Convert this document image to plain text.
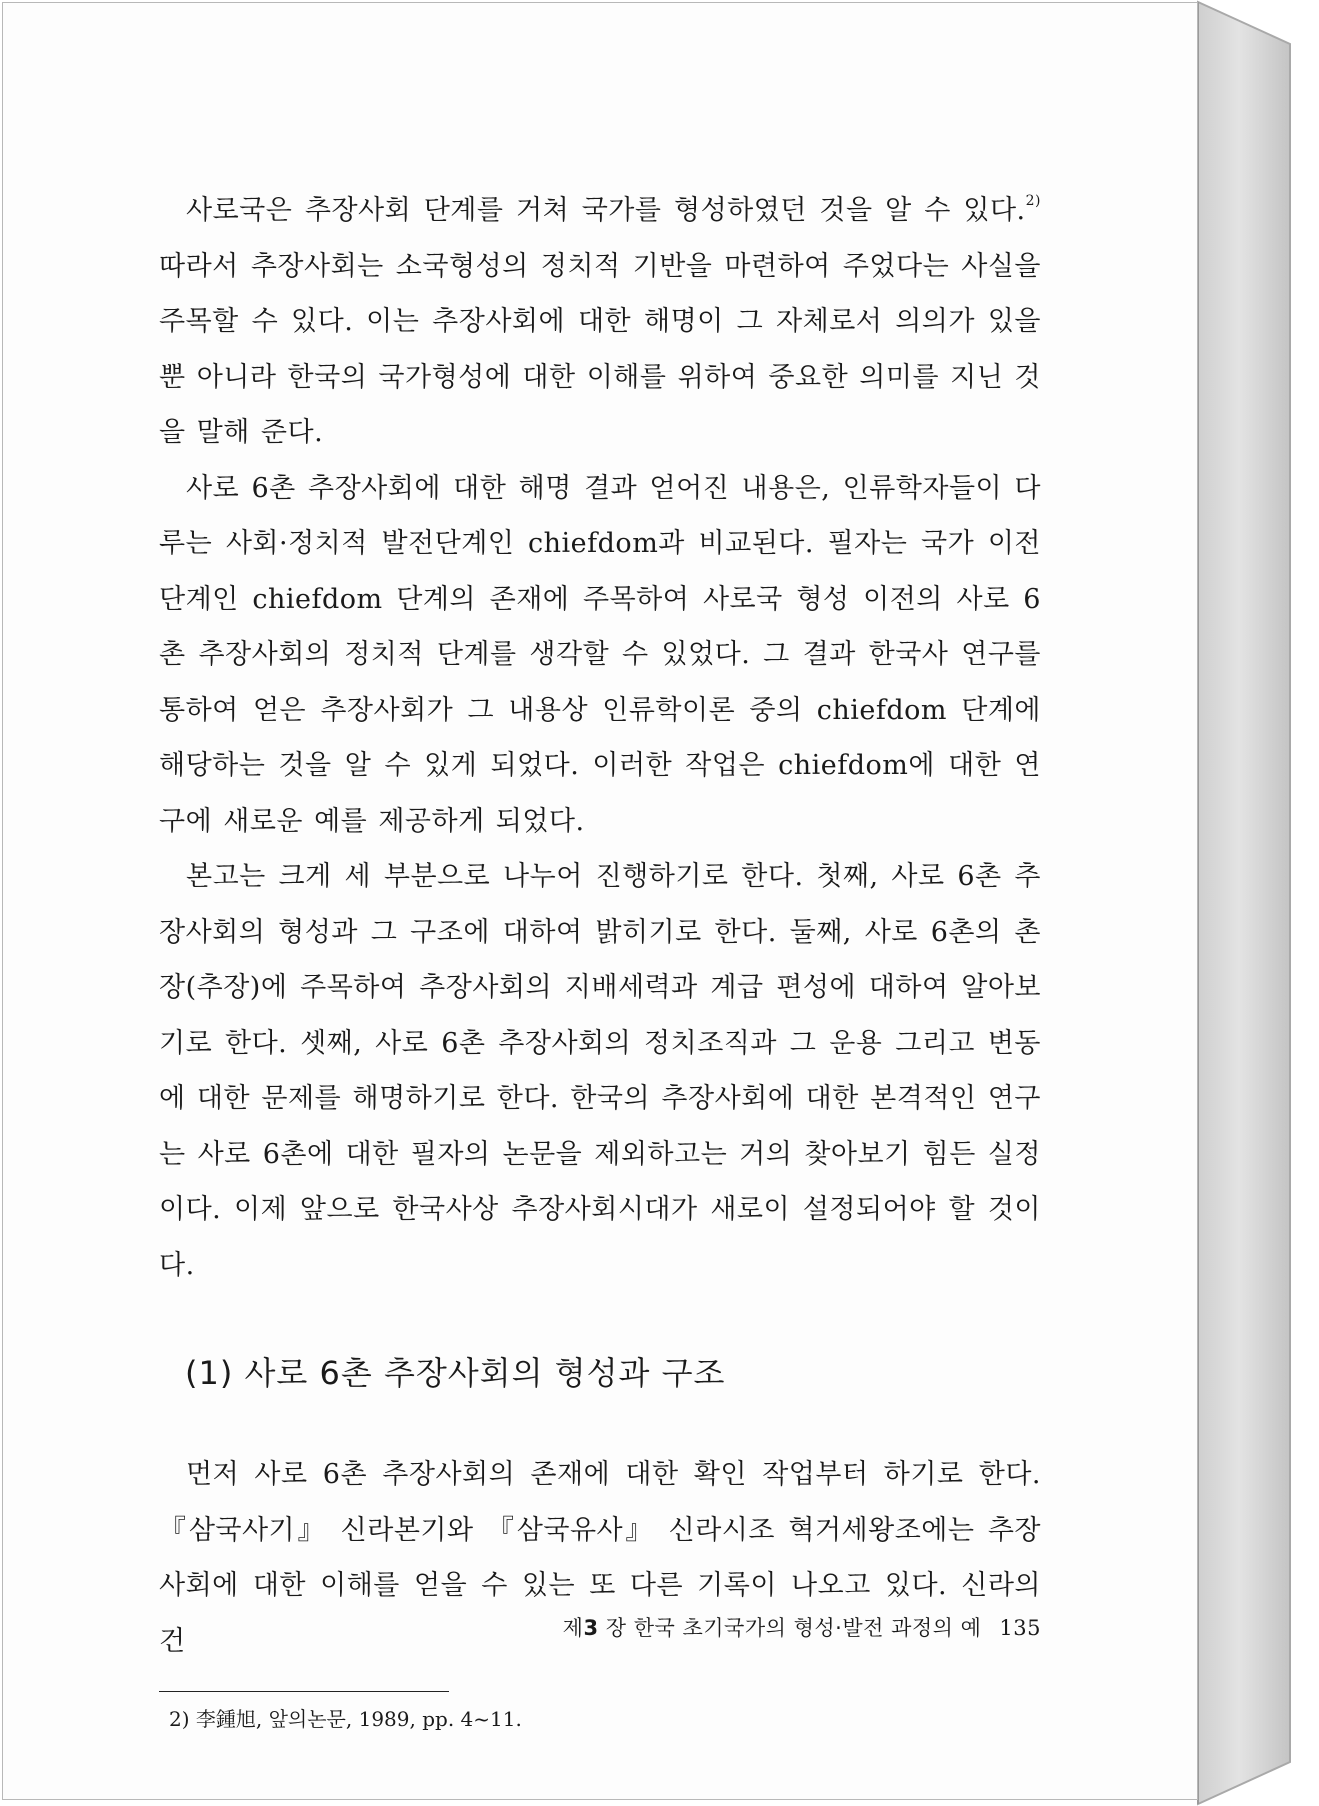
사로국은 추장사회 단계를 거쳐 국가를 형성하였던 것을 알 수 있다.$^{2)}$ 따라서 추장사회는 소국형성의 정치적 기반을 마련하여 주었다는 사실을 주목할 수 있다. 이는 추장사회에 대한 해명이 그 자체로서 의의가 있을 뿐 아니라 한국의 국가형성에 대한 이해를 위하여 중요한 의미를 지닌 것을 말해 준다.

사로 6촌 추장사회에 대한 해명 결과 얻어진 내용은, 인류학자들이 다루는 사회·정치적 발전단계인 chiefdom과 비교된다. 필자는 국가 이전 단계인 chiefdom 단계의 존재에 주목하여 사로국 형성 이전의 사로 6촌 추장사회의 정치적 단계를 생각할 수 있었다. 그 결과 한국사 연구를 통하여 얻은 추장사회가 그 내용상 인류학이론 중의 chiefdom 단계에 해당하는 것을 알 수 있게 되었다. 이러한 작업은 chiefdom에 대한 연구에 새로운 예를 제공하게 되었다.

본고는 크게 세 부분으로 나누어 진행하기로 한다. 첫째, 사로 6촌 추장사회의 형성과 그 구조에 대하여 밝히기로 한다. 둘째, 사로 6촌의 촌장(추장)에 주목하여 추장사회의 지배세력과 계급 편성에 대하여 알아보기로 한다. 셋째, 사로 6촌 추장사회의 정치조직과 그 운용 그리고 변동에 대한 문제를 해명하기로 한다. 한국의 추장사회에 대한 본격적인 연구는 사로 6촌에 대한 필자의 논문을 제외하고는 거의 찾아보기 힘든 실정이다. 이제 앞으로 한국사상 추장사회시대가 새로이 설정되어야 할 것이다.

(1) 사로 6촌 추장사회의 형성과 구조

먼저 사로 6촌 추장사회의 존재에 대한 확인 작업부터 하기로 한다. 『삼국사기』 신라본기와 『삼국유사』 신라시조 혁거세왕조에는 추장사회에 대한 이해를 얻을 수 있는 또 다른 기록이 나오고 있다. 신라의 건

2) 李鍾旭, 앞의논문, 1989, pp. 4~11.

제3 장 한국 초기국가의 형성·발전 과정의 예 135
